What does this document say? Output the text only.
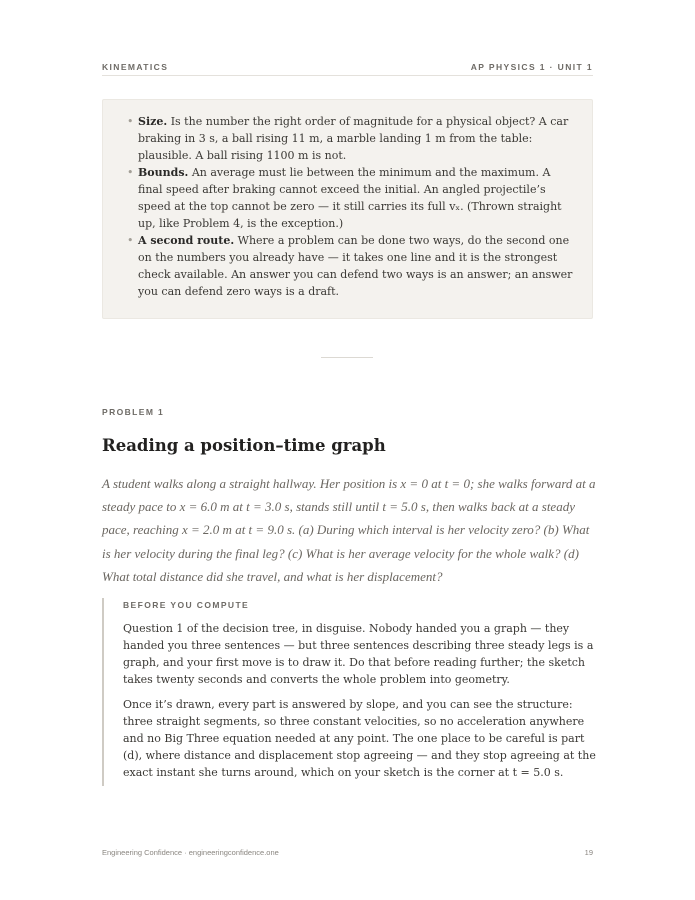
KINEMATICS	AP PHYSICS 1 · UNIT 1
• Size. Is the number the right order of magnitude for a physical object? A car braking in 3 s, a ball rising 11 m, a marble landing 1 m from the table: plausible. A ball rising 1100 m is not.
• Bounds. An average must lie between the minimum and the maximum. A final speed after braking cannot exceed the initial. An angled projectile’s speed at the top cannot be zero — it still carries its full vₓ. (Thrown straight up, like Problem 4, is the exception.)
• A second route. Where a problem can be done two ways, do the second one on the numbers you already have — it takes one line and it is the strongest check available. An answer you can defend two ways is an answer; an answer you can defend zero ways is a draft.
PROBLEM 1
Reading a position–time graph

A student walks along a straight hallway. Her position is x = 0 at t = 0; she walks forward at a steady pace to x = 6.0 m at t = 3.0 s, stands still until t = 5.0 s, then walks back at a steady pace, reaching x = 2.0 m at t = 9.0 s. (a) During which interval is her velocity zero? (b) What is her velocity during the final leg? (c) What is her average velocity for the whole walk? (d) What total distance did she travel, and what is her displacement?

BEFORE YOU COMPUTE

Question 1 of the decision tree, in disguise. Nobody handed you a graph — they handed you three sentences — but three sentences describing three steady legs is a graph, and your first move is to draw it. Do that before reading further; the sketch takes twenty seconds and converts the whole problem into geometry.

Once it’s drawn, every part is answered by slope, and you can see the structure: three straight segments, so three constant velocities, so no acceleration anywhere and no Big Three equation needed at any point. The one place to be careful is part (d), where distance and displacement stop agreeing — and they stop agreeing at the exact instant she turns around, which on your sketch is the corner at t = 5.0 s.

Engineering Confidence · engineeringconfidence.one	19
